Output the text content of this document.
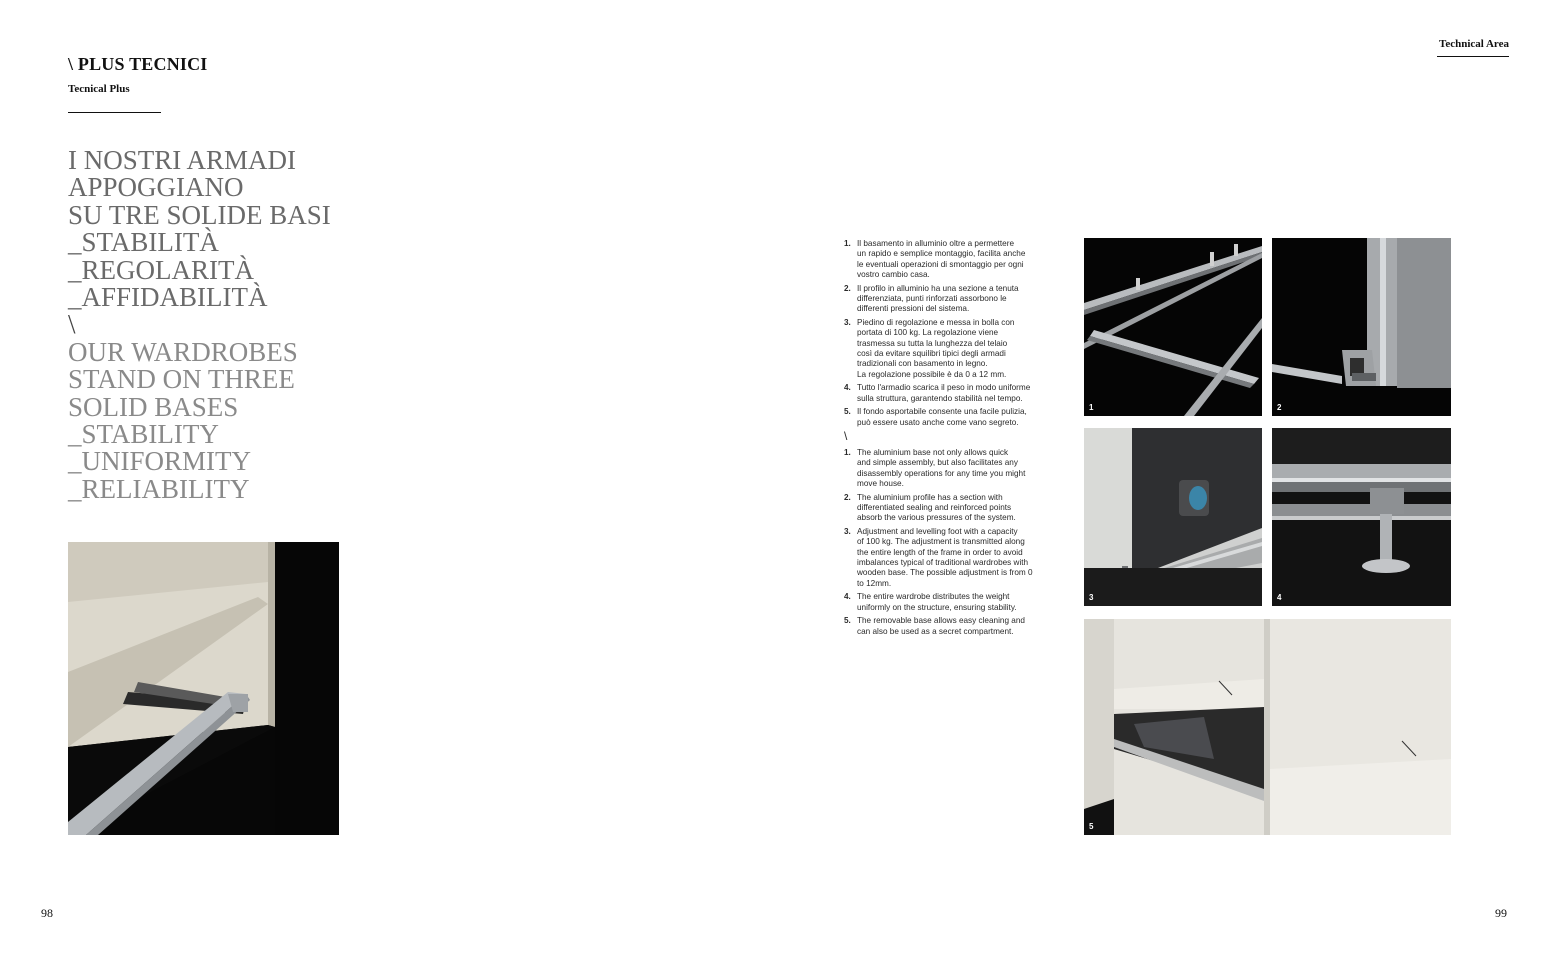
\ PLUS TECNICI
Tecnical Plus
Technical Area
I NOSTRI ARMADI
APPOGGIANO
SU TRE SOLIDE BASI
_STABILITÀ
_REGOLARITÀ
_AFFIDABILITÀ
\
OUR WARDROBES
STAND ON THREE
SOLID BASES
_STABILITY
_UNIFORMITY
_RELIABILITY
1. Il basamento in alluminio oltre a permettere
un rapido e semplice montaggio, facilita anche
le eventuali operazioni di smontaggio per ogni
vostro cambio casa.
2. Il profilo in alluminio ha una sezione a tenuta
differenziata, punti rinforzati assorbono le
differenti pressioni del sistema.
3. Piedino di regolazione e messa in bolla con
portata di 100 kg. La regolazione viene
trasmessa su tutta la lunghezza del telaio
così da evitare squilibri tipici degli armadi
tradizionali con basamento in legno.
La regolazione possibile è da 0 a 12 mm.
4. Tutto l'armadio scarica il peso in modo uniforme
sulla struttura, garantendo stabilità nel tempo.
5. Il fondo asportabile consente una facile pulizia,
può essere usato anche come vano segreto.
\
1. The aluminium base not only allows quick
and simple assembly, but also facilitates any
disassembly operations for any time you might
move house.
2. The aluminium profile has a section with
differentiated sealing and reinforced points
absorb the various pressures of the system.
3. Adjustment and levelling foot with a capacity
of 100 kg. The adjustment is transmitted along
the entire length of the frame in order to avoid
imbalances typical of traditional wardrobes with
wooden base. The possible adjustment is from 0
to 12mm.
4. The entire wardrobe distributes the weight
uniformly on the structure, ensuring stability.
5. The removable base allows easy cleaning and
can also be used as a secret compartment.
1	2
3	4
5
98	99
